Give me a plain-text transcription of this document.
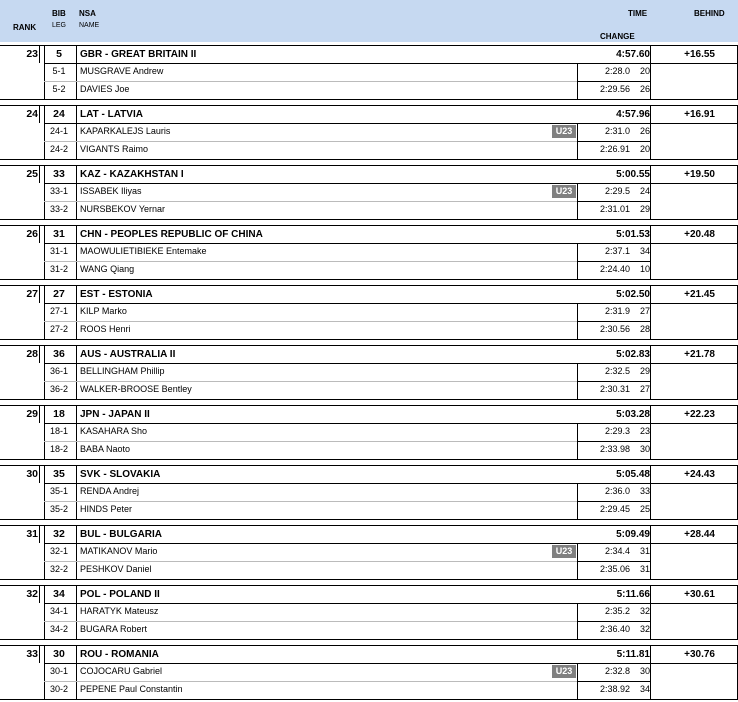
BIB NSA
LEG NAME
RANK
TIME	BEHIND
CHANGE
23	5	GBR - GREAT BRITAIN II	4:57.60	+16.55
5-1	MUSGRAVE Andrew	2:28.0	20
5-2	DAVIES Joe	2:29.56	26
24	24	LAT - LATVIA	4:57.96	+16.91
24-1	KAPARKALEJS Lauris	U23	2:31.0	26
24-2	VIGANTS Raimo	2:26.91	20
25	33	KAZ - KAZAKHSTAN I	5:00.55	+19.50
33-1	ISSABEK Iliyas	U23	2:29.5	24
33-2	NURSBEKOV Yernar	2:31.01	29
26	31	CHN - PEOPLES REPUBLIC OF CHINA	5:01.53	+20.48
31-1	MAOWULIETIBIEKE Entemake	2:37.1	34
31-2	WANG Qiang	2:24.40	10
27	27	EST - ESTONIA	5:02.50	+21.45
27-1	KILP Marko	2:31.9	27
27-2	ROOS Henri	2:30.56	28
28	36	AUS - AUSTRALIA II	5:02.83	+21.78
36-1	BELLINGHAM Phillip	2:32.5	29
36-2	WALKER-BROOSE Bentley	2:30.31	27
29	18	JPN - JAPAN II	5:03.28	+22.23
18-1	KASAHARA Sho	2:29.3	23
18-2	BABA Naoto	2:33.98	30
30	35	SVK - SLOVAKIA	5:05.48	+24.43
35-1	RENDA Andrej	2:36.0	33
35-2	HINDS Peter	2:29.45	25
31	32	BUL - BULGARIA	5:09.49	+28.44
32-1	MATIKANOV Mario	U23	2:34.4	31
32-2	PESHKOV Daniel	2:35.06	31
32	34	POL - POLAND II	5:11.66	+30.61
34-1	HARATYK Mateusz	2:35.2	32
34-2	BUGARA Robert	2:36.40	32
33	30	ROU - ROMANIA	5:11.81	+30.76
30-1	COJOCARU Gabriel	U23	2:32.8	30
30-2	PEPENE Paul Constantin	2:38.92	34
